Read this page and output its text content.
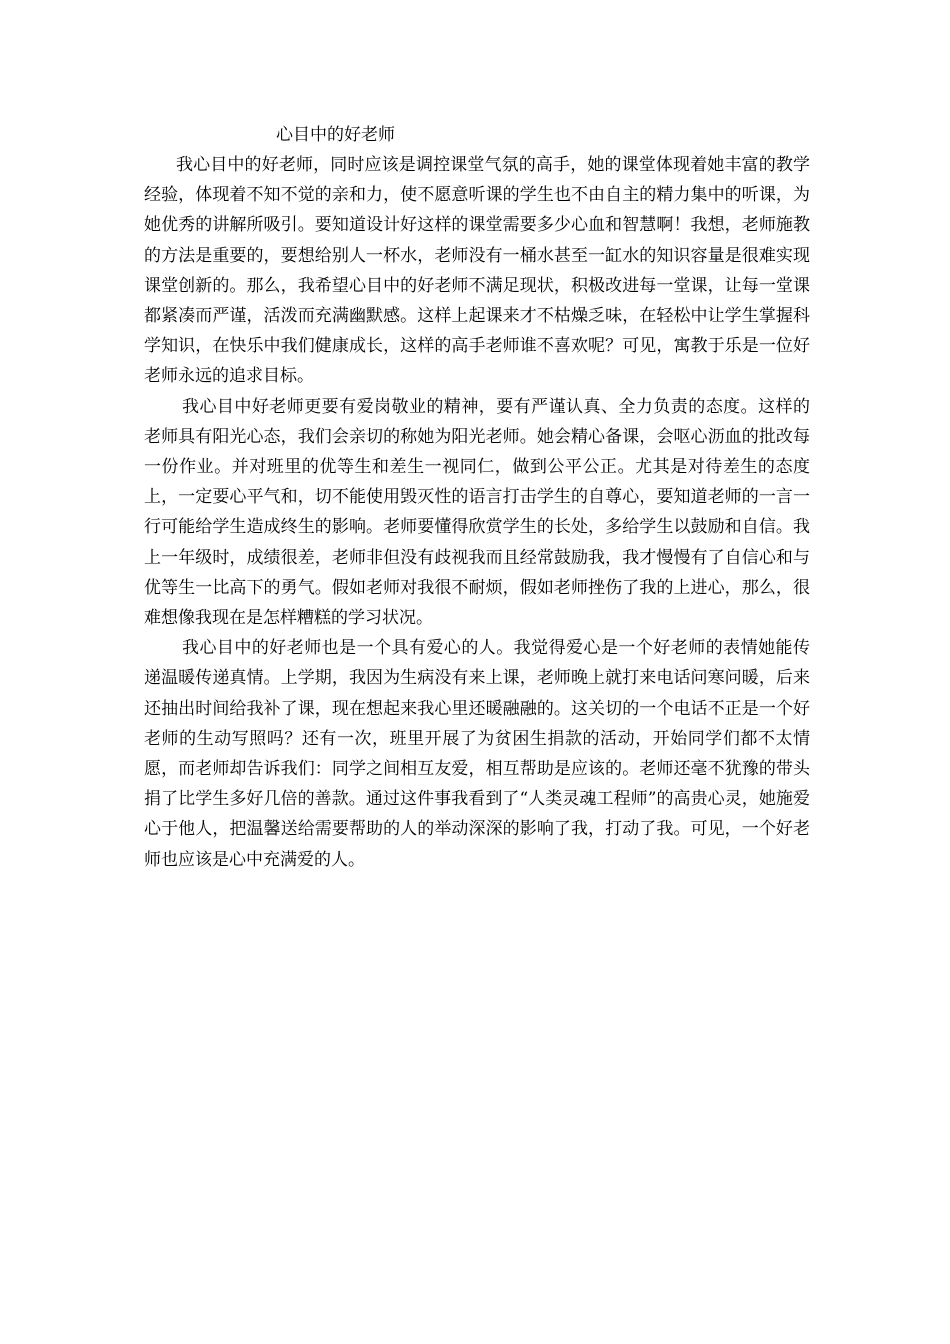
心目中的好老师

我心目中的好老师，同时应该是调控课堂气氛的高手，她的课堂体现着她丰富的教学经验，体现着不知不觉的亲和力，使不愿意听课的学生也不由自主的精力集中的听课，为她优秀的讲解所吸引。要知道设计好这样的课堂需要多少心血和智慧啊！我想，老师施教的方法是重要的，要想给别人一杯水，老师没有一桶水甚至一缸水的知识容量是很难实现课堂创新的。那么，我希望心目中的好老师不满足现状，积极改进每一堂课，让每一堂课都紧凑而严谨，活泼而充满幽默感。这样上起课来才不枯燥乏味，在轻松中让学生掌握科学知识，在快乐中我们健康成长，这样的高手老师谁不喜欢呢？可见，寓教于乐是一位好老师永远的追求目标。

我心目中好老师更要有爱岗敬业的精神，要有严谨认真、全力负责的态度。这样的老师具有阳光心态，我们会亲切的称她为阳光老师。她会精心备课，会呕心沥血的批改每一份作业。并对班里的优等生和差生一视同仁，做到公平公正。尤其是对待差生的态度上，一定要心平气和，切不能使用毁灭性的语言打击学生的自尊心，要知道老师的一言一行可能给学生造成终生的影响。老师要懂得欣赏学生的长处，多给学生以鼓励和自信。我上一年级时，成绩很差，老师非但没有歧视我而且经常鼓励我，我才慢慢有了自信心和与优等生一比高下的勇气。假如老师对我很不耐烦，假如老师挫伤了我的上进心，那么，很难想像我现在是怎样糟糕的学习状况。

我心目中的好老师也是一个具有爱心的人。我觉得爱心是一个好老师的表情她能传递温暖传递真情。上学期，我因为生病没有来上课，老师晚上就打来电话问寒问暖，后来还抽出时间给我补了课，现在想起来我心里还暖融融的。这关切的一个电话不正是一个好老师的生动写照吗？还有一次，班里开展了为贫困生捐款的活动，开始同学们都不太情愿，而老师却告诉我们：同学之间相互友爱，相互帮助是应该的。老师还毫不犹豫的带头捐了比学生多好几倍的善款。通过这件事我看到了“人类灵魂工程师”的高贵心灵，她施爱心于他人，把温馨送给需要帮助的人的举动深深的影响了我，打动了我。可见，一个好老师也应该是心中充满爱的人。
